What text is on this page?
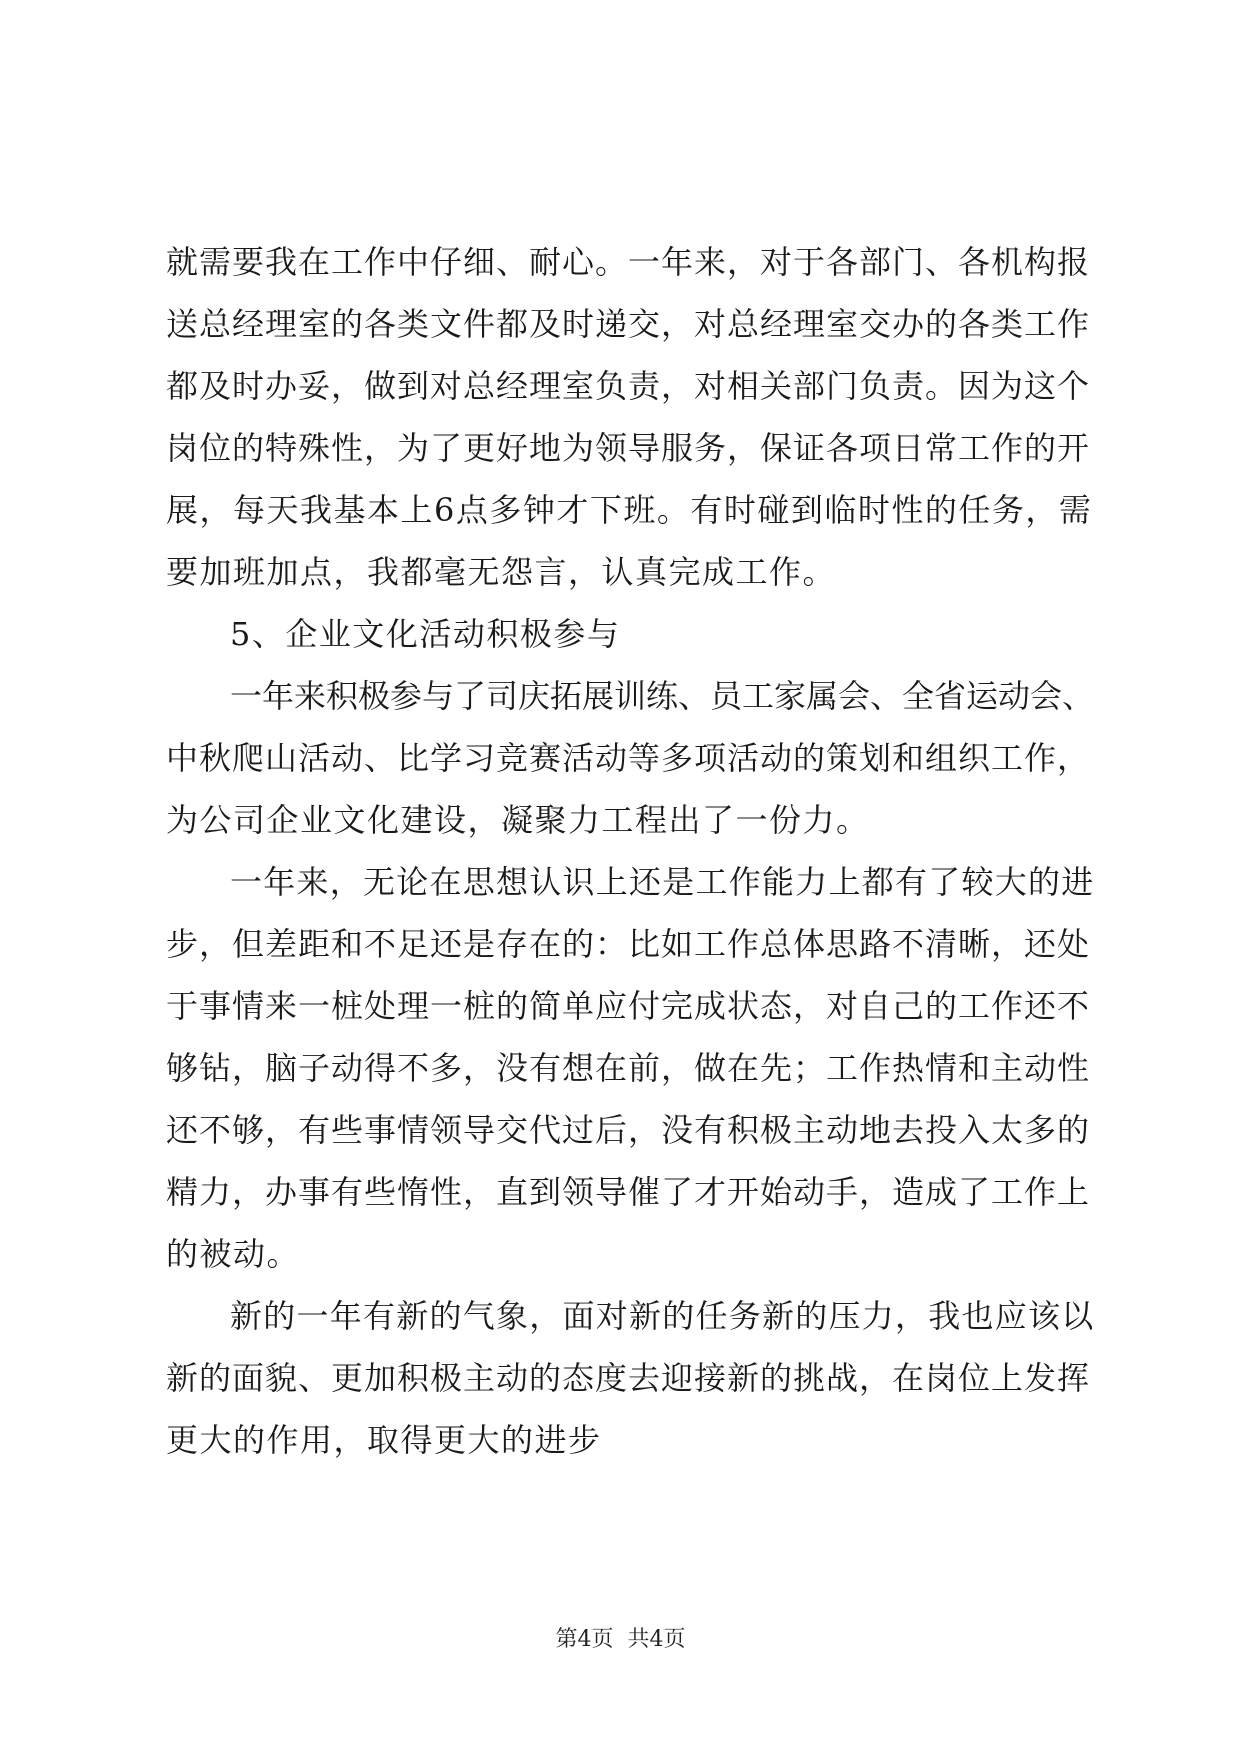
就需要我在工作中仔细、耐心。一年来，对于各部门、各机构报
送总经理室的各类文件都及时递交，对总经理室交办的各类工作
都及时办妥，做到对总经理室负责，对相关部门负责。因为这个
岗位的特殊性，为了更好地为领导服务，保证各项日常工作的开
展，每天我基本上6点多钟才下班。有时碰到临时性的任务，需
要加班加点，我都毫无怨言，认真完成工作。
5、企业文化活动积极参与
一年来积极参与了司庆拓展训练、员工家属会、全省运动会、
中秋爬山活动、比学习竞赛活动等多项活动的策划和组织工作，
为公司企业文化建设，凝聚力工程出了一份力。
一年来，无论在思想认识上还是工作能力上都有了较大的进
步，但差距和不足还是存在的：比如工作总体思路不清晰，还处
于事情来一桩处理一桩的简单应付完成状态，对自己的工作还不
够钻，脑子动得不多，没有想在前，做在先；工作热情和主动性
还不够，有些事情领导交代过后，没有积极主动地去投入太多的
精力，办事有些惰性，直到领导催了才开始动手，造成了工作上
的被动。
新的一年有新的气象，面对新的任务新的压力，我也应该以
新的面貌、更加积极主动的态度去迎接新的挑战，在岗位上发挥
更大的作用，取得更大的进步
第4页  共4页
